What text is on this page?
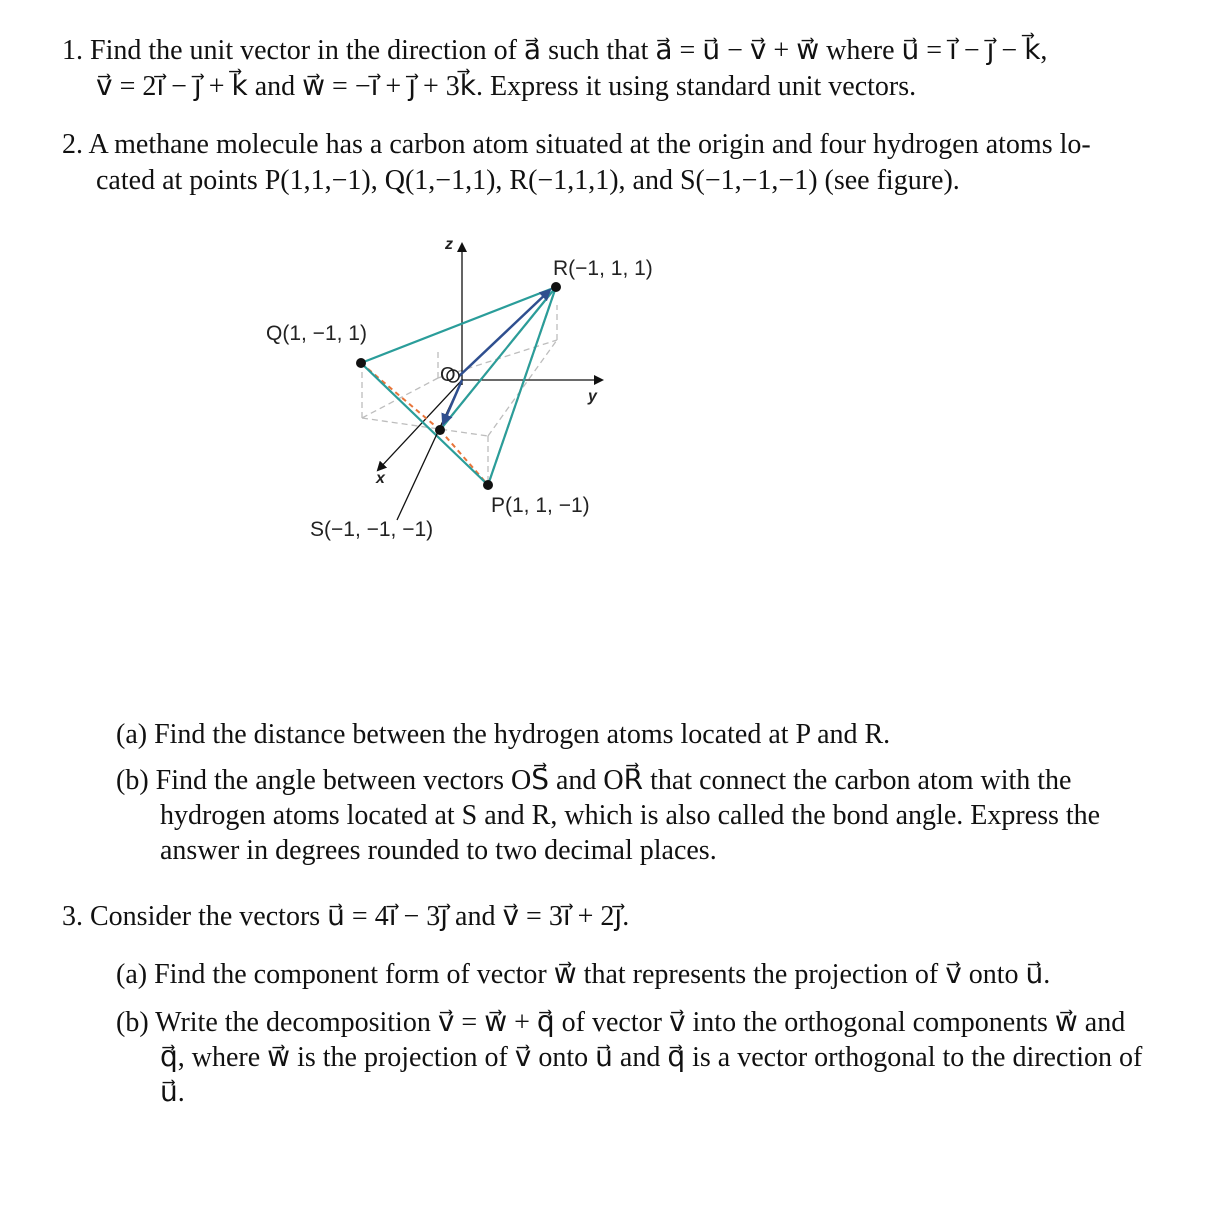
1. Find the unit vector in the direction of a⃗ such that a⃗ = u⃗ − v⃗ + w⃗ where u⃗ = i⃗ − j⃗ − k⃗,
v⃗ = 2i⃗ − j⃗ + k⃗ and w⃗ = −i⃗ + j⃗ + 3k⃗. Express it using standard unit vectors.
2. A methane molecule has a carbon atom situated at the origin and four hydrogen atoms lo-
cated at points P(1,1,−1), Q(1,−1,1), R(−1,1,1), and S(−1,−1,−1) (see figure).
R(−1, 1, 1)
Q(1, −1, 1)
P(1, 1, −1)
S(−1, −1, −1)
O
z
y
x
(a) Find the distance between the hydrogen atoms located at P and R.
(b) Find the angle between vectors OS⃗ and OR⃗ that connect the carbon atom with the
hydrogen atoms located at S and R, which is also called the bond angle. Express the
answer in degrees rounded to two decimal places.
3. Consider the vectors u⃗ = 4i⃗ − 3j⃗ and v⃗ = 3i⃗ + 2j⃗.
(a) Find the component form of vector w⃗ that represents the projection of v⃗ onto u⃗.
(b) Write the decomposition v⃗ = w⃗ + q⃗ of vector v⃗ into the orthogonal components w⃗ and
q⃗, where w⃗ is the projection of v⃗ onto u⃗ and q⃗ is a vector orthogonal to the direction of
u⃗.
